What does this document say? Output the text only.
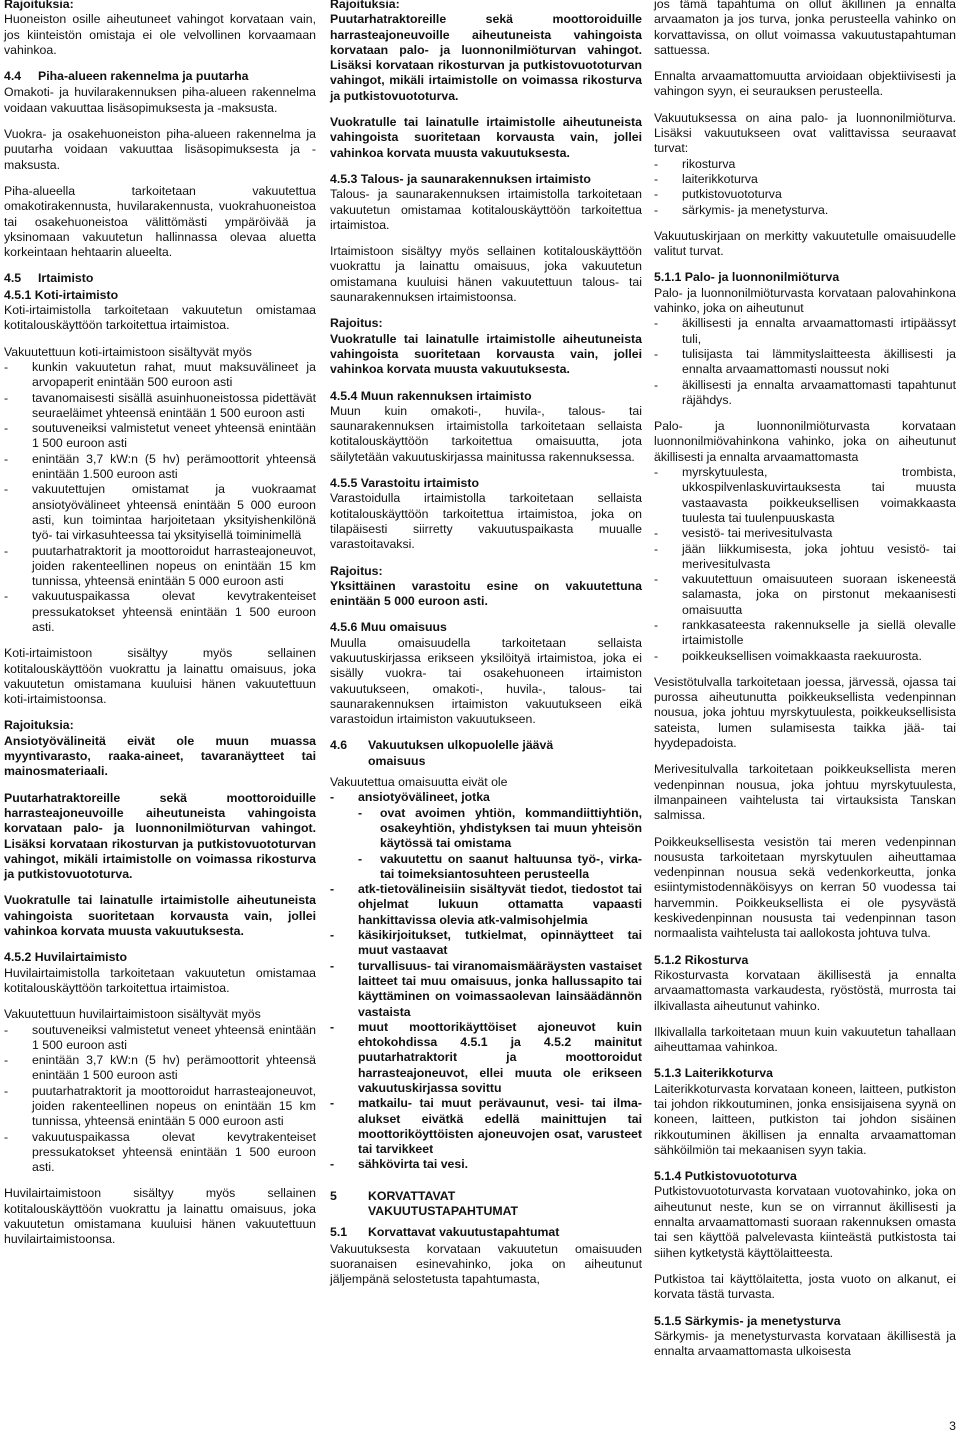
Rajoituksia:
Huoneiston osille aiheutuneet vahingot korvataan vain, jos kiinteistön omistaja ei ole velvollinen korvaamaan vahinkoa.
4.4 Piha-alueen rakennelma ja puutarha
Omakoti- ja huvilarakennuksen piha-alueen rakennelma voidaan vakuuttaa lisäsopimuksesta ja -maksusta.
Vuokra- ja osakehuoneiston piha-alueen rakennelma ja puutarha voidaan vakuuttaa lisäsopimuksesta ja -maksusta.
Piha-alueella tarkoitetaan vakuutettua omakotirakennusta, huvilarakennusta, vuokrahuoneistoa tai osakehuoneistoa välittömästi ympäröivää ja yksinomaan vakuutetun hallinnassa olevaa aluetta korkeintaan hehtaarin alueelta.
4.5 Irtaimisto
4.5.1 Koti-irtaimisto
Koti-irtaimistolla tarkoitetaan vakuutetun omistamaa kotitalouskäyttöön tarkoitettua irtaimistoa.
Vakuutettuun koti-irtaimistoon sisältyvät myös
- kunkin vakuutetun rahat, muut maksuvälineet ja arvopaperit enintään 500 euroon asti
- tavanomaisesti sisällä asuinhuoneistossa pidettävät seuraeläimet yhteensä enintään 1 500 euroon asti
- soutuveneiksi valmistetut veneet yhteensä enintään 1 500 euroon asti
- enintään 3,7 kW:n (5 hv) perämoottorit yhteensä enintään 1.500 euroon asti
- vakuutettujen omistamat ja vuokraamat ansiotyövälineet yhteensä enintään 5 000 euroon asti, kun toimintaa harjoitetaan yksityishenkilönä työ- tai virkasuhteessa tai yksityisellä toiminimellä
- puutarhatraktorit ja moottoroidut harrasteajoneuvot, joiden rakenteellinen nopeus on enintään 15 km tunnissa, yhteensä enintään 5 000 euroon asti
- vakuutuspaikassa olevat kevytrakenteiset pressukatokset yhteensä enintään 1 500 euroon asti.
Koti-irtaimistoon sisältyy myös sellainen kotitalouskäyttöön vuokrattu ja lainattu omaisuus, joka vakuutetun omistamana kuuluisi hänen vakuutettuun koti-irtaimistoonsa.
Rajoituksia:
Ansiotyövälineitä eivät ole muun muassa myyntivarasto, raaka-aineet, tavaranäytteet tai mainosmateriaali.
Puutarhatraktoreille sekä moottoroiduille harrasteajoneuvoille aiheutuneista vahingoista korvataan palo- ja luonnonilmiöturvan vahingot. Lisäksi korvataan rikosturvan ja putkistovuototurvan vahingot, mikäli irtaimistolle on voimassa rikosturva ja putkistovuototurva.
Vuokratulle tai lainatulle irtaimistolle aiheutuneista vahingoista suoritetaan korvausta vain, jollei vahinkoa korvata muusta vakuutuksesta.
4.5.2 Huvilairtaimisto
Huvilairtaimistolla tarkoitetaan vakuutetun omistamaa kotitalouskäyttöön tarkoitettua irtaimistoa.
Vakuutettuun huvilairtaimistoon sisältyvät myös
- soutuveneiksi valmistetut veneet yhteensä enintään 1 500 euroon asti
- enintään 3,7 kW:n (5 hv) perämoottorit yhteensä enintään 1 500 euroon asti
- puutarhatraktorit ja moottoroidut harrasteajoneuvot, joiden rakenteellinen nopeus on enintään 15 km tunnissa, yhteensä enintään 5 000 euroon asti
- vakuutuspaikassa olevat kevytrakenteiset pressukatokset yhteensä enintään 1 500 euroon asti.
Huvilairtaimistoon sisältyy myös sellainen kotitalouskäyttöön vuokrattu ja lainattu omaisuus, joka vakuutetun omistamana kuuluisi hänen vakuutettuun huvilairtaimistoonsa.
Rajoituksia:
Puutarhatraktoreille sekä moottoroiduille harrasteajoneuvoille aiheutuneista vahingoista korvataan palo- ja luonnonilmiöturvan vahingot. Lisäksi korvataan rikosturvan ja putkistovuototurvan vahingot, mikäli irtaimistolle on voimassa rikosturva ja putkistovuototurva.
Vuokratulle tai lainatulle irtaimistolle aiheutuneista vahingoista suoritetaan korvausta vain, jollei vahinkoa korvata muusta vakuutuksesta.
4.5.3 Talous- ja saunarakennuksen irtaimisto
Talous- ja saunarakennuksen irtaimistolla tarkoitetaan vakuutetun omistamaa kotitalouskäyttöön tarkoitettua irtaimistoa.
Irtaimistoon sisältyy myös sellainen kotitalouskäyttöön vuokrattu ja lainattu omaisuus, joka vakuutetun omistamana kuuluisi hänen vakuutettuun talous- tai saunarakennuksen irtaimistoonsa.
Rajoitus:
Vuokratulle tai lainatulle irtaimistolle aiheutuneista vahingoista suoritetaan korvausta vain, jollei vahinkoa korvata muusta vakuutuksesta.
4.5.4 Muun rakennuksen irtaimisto
Muun kuin omakoti-, huvila-, talous- tai saunarakennuksen irtaimistolla tarkoitetaan sellaista kotitalouskäyttöön tarkoitettua omaisuutta, jota säilytetään vakuutuskirjassa mainitussa rakennuksessa.
4.5.5 Varastoitu irtaimisto
Varastoidulla irtaimistolla tarkoitetaan sellaista kotitalouskäyttöön tarkoitettua irtaimistoa, joka on tilapäisesti siirretty vakuutuspaikasta muualle varastoitavaksi.
Rajoitus:
Yksittäinen varastoitu esine on vakuutettuna enintään 5 000 euroon asti.
4.5.6 Muu omaisuus
Muulla omaisuudella tarkoitetaan sellaista vakuutuskirjassa erikseen yksilöityä irtaimistoa, joka ei sisälly vuokra- tai osakehuoneen irtaimiston vakuutukseen, omakoti-, huvila-, talous- tai saunarakennuksen irtaimiston vakuutukseen eikä varastoidun irtaimiston vakuutukseen.
4.6	Vakuutuksen ulkopuolelle jäävä omaisuus
Vakuutettua omaisuutta eivät ole
- ansiotyövälineet, jotka
- ovat avoimen yhtiön, kommandiittiyhtiön, osakeyhtiön, yhdistyksen tai muun yhteisön käytössä tai omistama
- vakuutettu on saanut haltuunsa työ-, virka- tai toimeksiantosuhteen perusteella
- atk-tietovälineisiin sisältyvät tiedot, tiedostot tai ohjelmat lukuun ottamatta vapaasti hankittavissa olevia atk-valmisohjelmia
- käsikirjoitukset, tutkielmat, opinnäytteet tai muut vastaavat
- turvallisuus- tai viranomaismääräysten vastaiset laitteet tai muu omaisuus, jonka hallussapito tai käyttäminen on voimassaolevan lainsäädännön vastaista
- muut moottorikäyttöiset ajoneuvot kuin ehtokohdissa 4.5.1 ja 4.5.2 mainitut puutarhatraktorit ja moottoroidut harrasteajoneuvot, ellei muuta ole erikseen vakuutuskirjassa sovittu
- matkailu- tai muut perävaunut, vesi- tai ilma-alukset eivätkä edellä mainittujen tai moottoriköyttöisten ajoneuvojen osat, varusteet tai tarvikkeet
- sähkövirta tai vesi.
5	KORVATTAVAT
VAKUUTUSTAPAHTUMAT
5.1	Korvattavat vakuutustapahtumat
Vakuutuksesta korvataan vakuutetun omaisuuden suoranaisen esinevahinko, joka on aiheutunut jäljempänä selostetusta tapahtumasta,
jos tämä tapahtuma on ollut äkillinen ja ennalta arvaamaton ja jos turva, jonka perusteella vahinko on korvattavissa, on ollut voimassa vakuutustapahtuman sattuessa.
Ennalta arvaamattomuutta arvioidaan objektiivisesti ja vahingon syyn, ei seurauksen perusteella.
Vakuutuksessa on aina palo- ja luonnonilmiöturva. Lisäksi vakuutukseen ovat valittavissa seuraavat turvat:
- rikosturva
- laiterikkoturva
- putkistovuototurva
- särkymis- ja menetysturva.
Vakuutuskirjaan on merkitty vakuutetulle omaisuudelle valitut turvat.
5.1.1 Palo- ja luonnonilmiöturva
Palo- ja luonnonilmiöturvasta korvataan palovahinkona vahinko, joka on aiheutunut
- äkillisesti ja ennalta arvaamattomasti irtipäässyt tuli,
- tulisijasta tai lämmityslaitteesta äkillisesti ja ennalta arvaamattomasti noussut noki
- äkillisesti ja ennalta arvaamattomasti tapahtunut räjähdys.
Palo- ja luonnonilmiöturvasta korvataan luonnonilmiövahinkona vahinko, joka on aiheutunut äkillisesti ja ennalta arvaamattomasta
- myrskytuulesta, trombista, ukkospilvenlaskuvirtauksesta tai muusta vastaavasta poikkeuksellisen voimakkaasta tuulesta tai tuulenpuuskasta
- vesistö- tai merivesitulvasta
- jään liikkumisesta, joka johtuu vesistö- tai merivesitulvasta
- vakuutettuun omaisuuteen suoraan iskeneestä salamasta, joka on pirstonut mekaanisesti omaisuutta
- rankkasateesta rakennukselle ja siellä olevalle irtaimistolle
- poikkeuksellisen voimakkaasta raekuurosta.
Vesistötulvalla tarkoitetaan joessa, järvessä, ojassa tai purossa aiheutunutta poikkeuksellista vedenpinnan nousua, joka johtuu myrskytuulesta, poikkeuksellisista sateista, lumen sulamisesta taikka jää- tai hyydepadoista.
Merivesitulvalla tarkoitetaan poikkeuksellista meren vedenpinnan nousua, joka johtuu myrskytuulesta, ilmanpaineen vaihtelusta tai virtauksista Tanskan salmissa.
Poikkeuksellisesta vesistön tai meren vedenpinnan noususta tarkoitetaan myrskytuulen aiheuttamaa vedenpinnan nousua sekä vedenkorkeutta, jonka esiintymistodennäköisyys on kerran 50 vuodessa tai harvemmin. Poikkeuksellista ei ole pysyvästä keskivedenpinnan noususta tai vedenpinnan tason normaalista vaihtelusta tai aallokosta johtuva tulva.
5.1.2 Rikosturva
Rikosturvasta korvataan äkillisestä ja ennalta arvaamattomasta varkaudesta, ryöstöstä, murrosta tai ilkivallasta aiheutunut vahinko.
Ilkivallalla tarkoitetaan muun kuin vakuutetun tahallaan aiheuttamaa vahinkoa.
5.1.3 Laiterikkoturva
Laiterikkoturvasta korvataan koneen, laitteen, putkiston tai johdon rikkoutuminen, jonka ensisijaisena syynä on koneen, laitteen, putkiston tai johdon sisäinen rikkoutuminen äkillisen ja ennalta arvaamattoman sähköilmiön tai mekaanisen syyn takia.
5.1.4 Putkistovuototurva
Putkistovuototurvasta korvataan vuotovahinko, joka on aiheutunut neste, kun se on virrannut äkillisesti ja ennalta arvaamattomasti suoraan rakennuksen omasta tai sen käyttöä palvelevasta kiinteästä putkistosta tai siihen kytketystä käyttölaitteesta.
Putkistoa tai käyttölaitetta, josta vuoto on alkanut, ei korvata tästä turvasta.
5.1.5 Särkymis- ja menetysturva
Särkymis- ja menetysturvasta korvataan äkillisestä ja ennalta arvaamattomasta ulkoisesta
3
